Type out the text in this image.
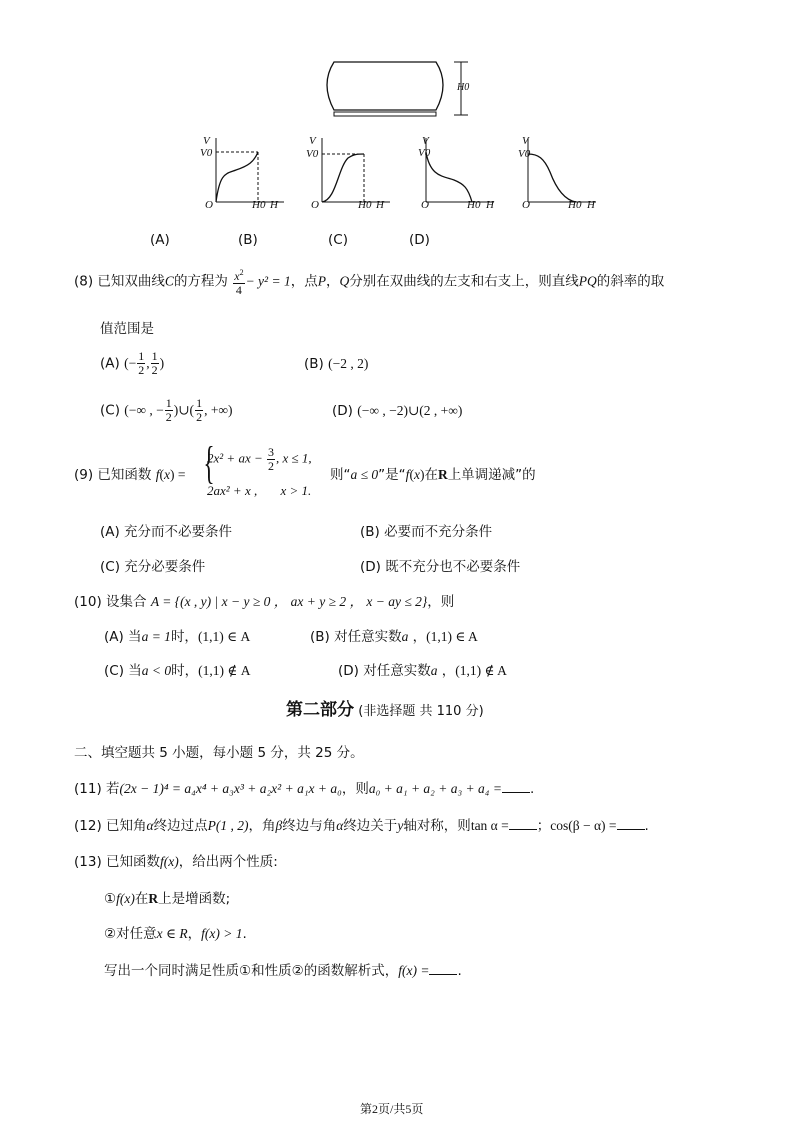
H0
V
V0
O	H0 H
V
V0
O	H0 H
V
V0
O	H0 H
V
V0
O	H0 H
(A)	(B)	(C)	(D)
(8) 已知双曲线C的方程为 $\frac{x^2}{4} - y^2 = 1$，点P，Q分别在双曲线的左支和右支上，则直线PQ的斜率的取
值范围是
(A) (− $\frac{1}{2}$ , $\frac{1}{2}$ )	(B) (−2 , 2)
(C) (−∞ , − $\frac{1}{2}$ )∪( $\frac{1}{2}$ , +∞)	(D) (−∞ , −2)∪(2 , +∞)
(9) 已知函数 f(x) = {
2x² + ax − $\frac{3}{2}$ , x ≤ 1,
2ax² + x , x > 1.
则“a ≤ 0”是“f(x)在R上单调递减”的
(A) 充分而不必要条件	(B) 必要而不充分条件
(C) 充分必要条件	(D) 既不充分也不必要条件
(10) 设集合 A = {(x , y) | x − y ≥ 0 ， ax + y ≥ 2 ， x − ay ≤ 2}，则
(A) 当a = 1时，(1,1) ∈ A	(B) 对任意实数a ，(1,1) ∈ A
(C) 当a < 0时，(1,1) ∉ A	(D) 对任意实数a ，(1,1) ∉ A
第二部分 (非选择题 共 110 分)
二、填空题共 5 小题，每小题 5 分，共 25 分。
(11) 若(2x − 1)⁴ = a₄x⁴ + a₃x³ + a₂x² + a₁x + a₀，则a₀ + a₁ + a₂ + a₃ + a₄ = .
(12) 已知角α终边过点P(1 , 2)，角β终边与角α终边关于y轴对称，则tan α = ；cos(β − α) = .
(13) 已知函数f(x)，给出两个性质:
①f(x)在R上是增函数;
②对任意x ∈ R，f(x) > 1.
写出一个同时满足性质①和性质②的函数解析式，f(x) = .
第2页/共5页
